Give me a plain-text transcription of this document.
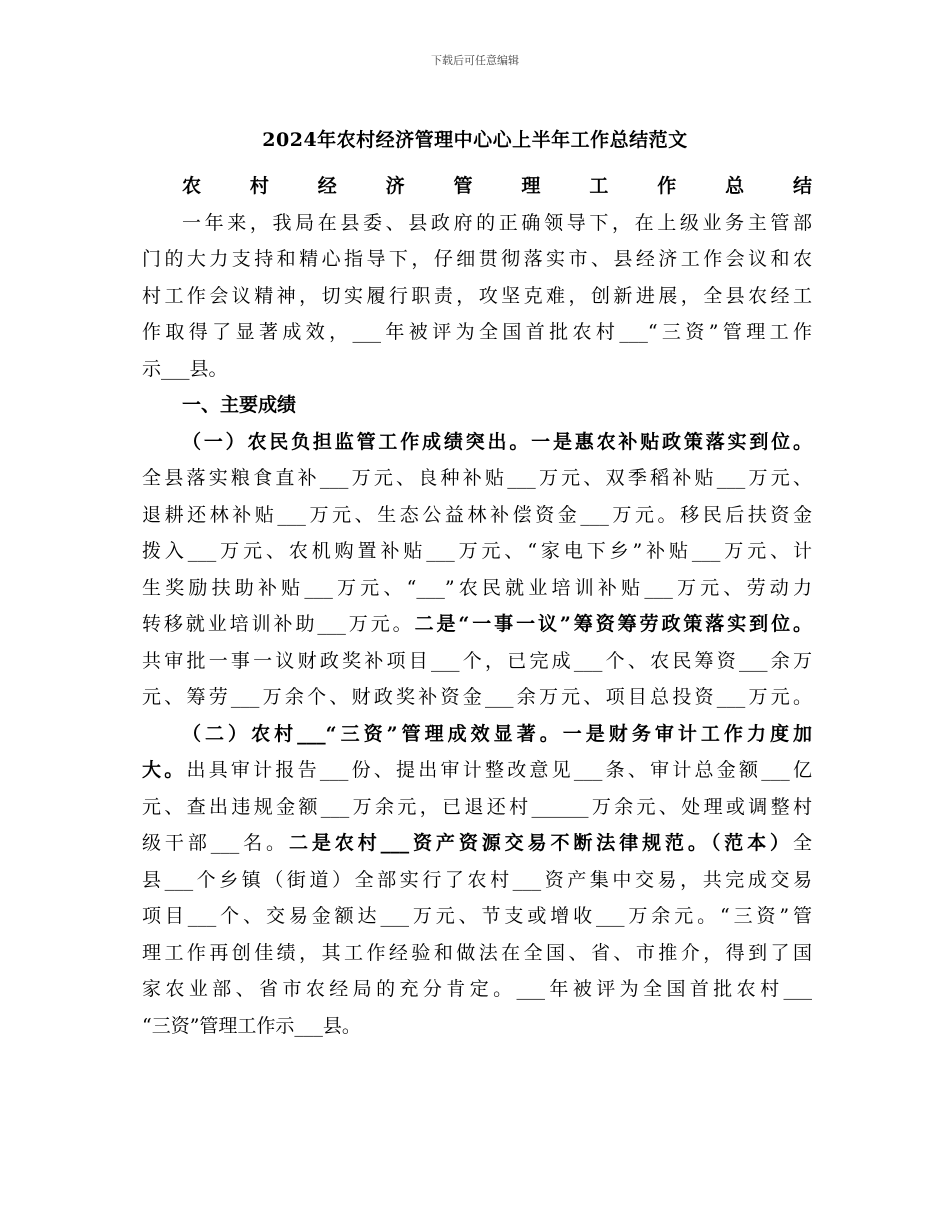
下载后可任意编辑
2024年农村经济管理中心心上半年工作总结范文
农村经济管理工作总结
一年来，我局在县委、县政府的正确领导下，在上级业务主管部
门的大力支持和精心指导下，仔细贯彻落实市、县经济工作会议和农
村工作会议精神，切实履行职责，攻坚克难，创新进展，全县农经工
作取得了显著成效，___年被评为全国首批农村___“三资”管理工作
示___县。
一、主要成绩
（一）农民负担监管工作成绩突出。一是惠农补贴政策落实到位。
全县落实粮食直补___万元、良种补贴___万元、双季稻补贴___万元、
退耕还林补贴___万元、生态公益林补偿资金___万元。移民后扶资金
拨入___万元、农机购置补贴___万元、“家电下乡”补贴___万元、计
生奖励扶助补贴___万元、“___”农民就业培训补贴___万元、劳动力
转移就业培训补助___万元。二是“一事一议”筹资筹劳政策落实到位。
共审批一事一议财政奖补项目___个，已完成___个、农民筹资___余万
元、筹劳___万余个、财政奖补资金___余万元、项目总投资___万元。
（二）农村___“三资”管理成效显著。一是财务审计工作力度加
大。出具审计报告___份、提出审计整改意见___条、审计总金额___亿
元、查出违规金额___万余元，已退还村______万余元、处理或调整村
级干部___名。二是农村___资产资源交易不断法律规范。（范本）全
县___个乡镇（街道）全部实行了农村___资产集中交易，共完成交易
项目___个、交易金额达___万元、节支或增收___万余元。“三资”管
理工作再创佳绩，其工作经验和做法在全国、省、市推介，得到了国
家农业部、省市农经局的充分肯定。___年被评为全国首批农村___
“三资”管理工作示___县。
